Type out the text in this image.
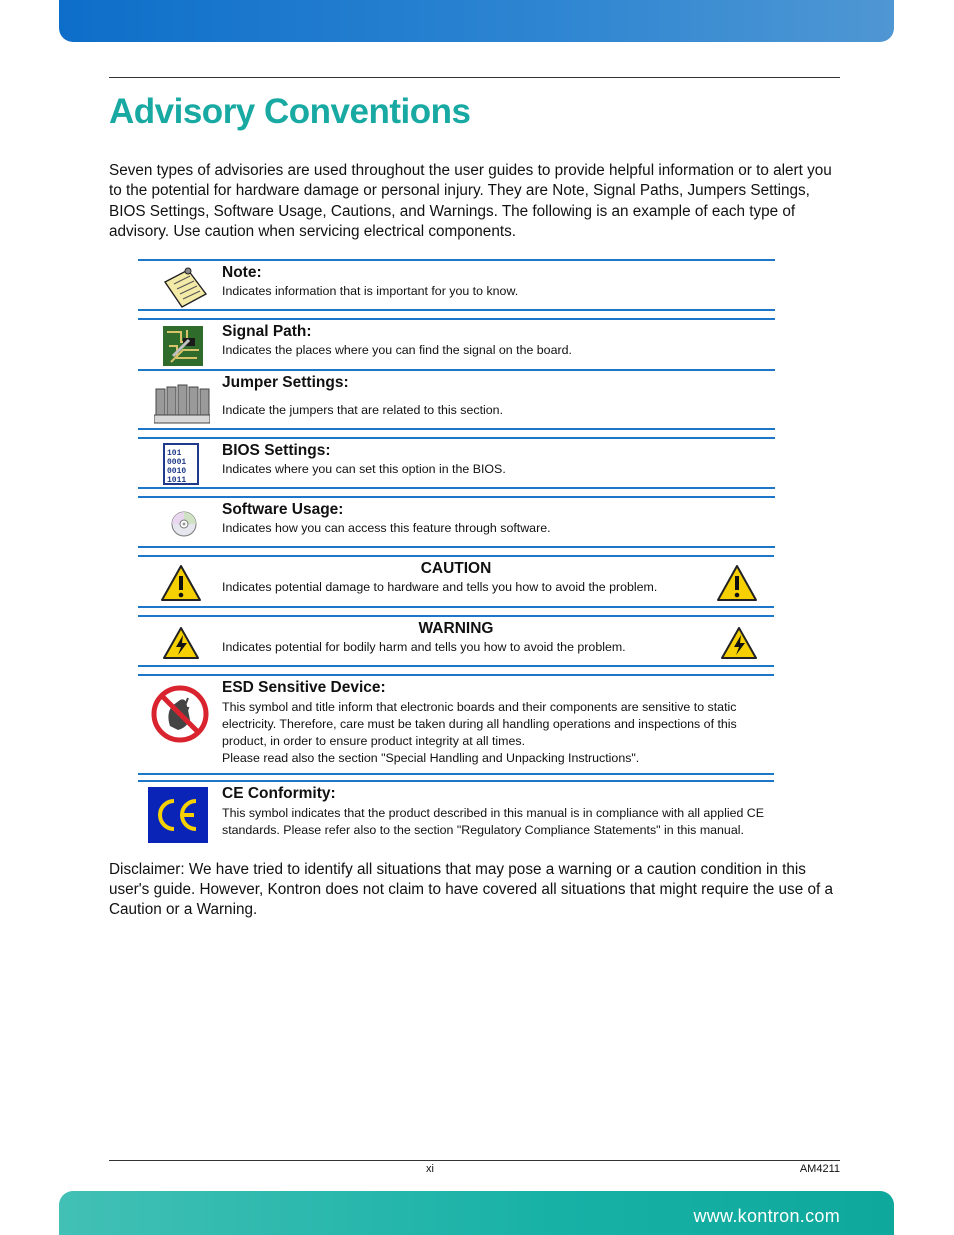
Advisory Conventions

Seven types of advisories are used throughout the user guides to provide helpful information or to alert you to the potential for hardware damage or personal injury. They are Note, Signal Paths, Jumpers Settings, BIOS Settings, Software Usage, Cautions, and Warnings. The following is an example of each type of advisory. Use caution when servicing electrical components.

Note:
Indicates information that is important for you to know.
Signal Path:
Indicates the places where you can find the signal on the board.
Jumper Settings:
Indicate the jumpers that are related to this section.
101
0001
0010
1011
BIOS Settings:
Indicates where you can set this option in the BIOS.
Software Usage:
Indicates how you can access this feature through software.
CAUTION
Indicates potential damage to hardware and tells you how to avoid the problem.
WARNING
Indicates potential for bodily harm and tells you how to avoid the problem.
ESD Sensitive Device:
This symbol and title inform that electronic boards and their components are sensitive to static electricity. Therefore, care must be taken during all handling operations and inspections of this product, in order to ensure product integrity at all times.
Please read also the section "Special Handling and Unpacking Instructions".
CE Conformity:
This symbol indicates that the product described in this manual is in compliance with all applied CE standards. Please refer also to the section "Regulatory Compliance Statements" in this manual.

Disclaimer: We have tried to identify all situations that may pose a warning or a caution condition in this user's guide. However, Kontron does not claim to have covered all situations that might require the use of a Caution or a Warning.

xi	AM4211
www.kontron.com
